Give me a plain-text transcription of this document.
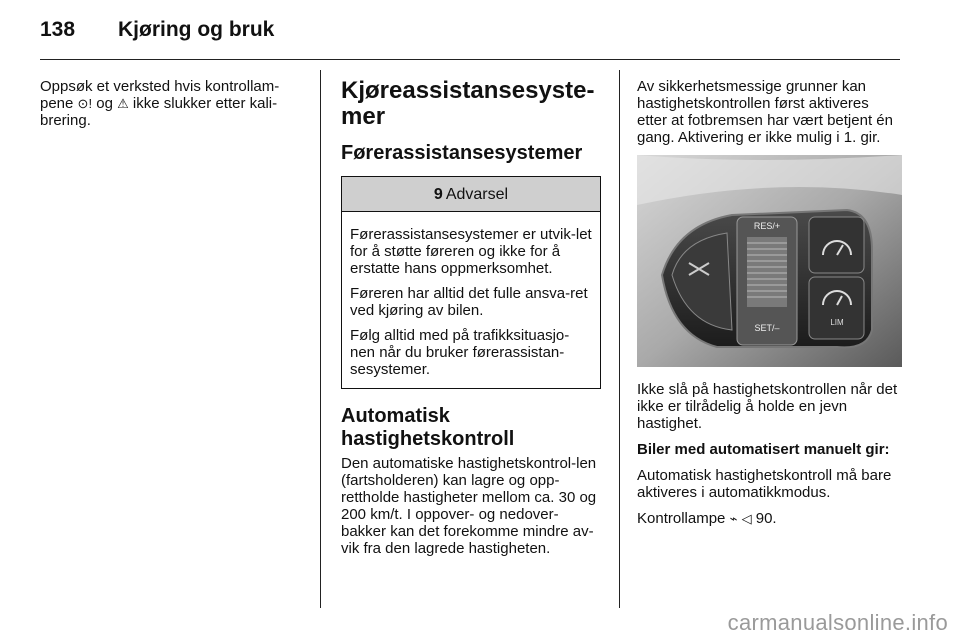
138 Kjøring og bruk

Oppsøk et verksted hvis kontrollam-
pene ⊙! og ⚠ ikke slukker etter kali-
brering.

Kjøreassistansesyste-
mer
Førerassistansesystemer
9 Advarsel

Førerassistansesystemer er utvik-let for å støtte føreren og ikke for å erstatte hans oppmerksomhet.

Føreren har alltid det fulle ansva-ret ved kjøring av bilen.

Følg alltid med på trafikksituasjo-nen når du bruker førerassistan-sesystemer.

Automatisk
hastighetskontroll

Den automatiske hastighetskontrol-len (fartsholderen) kan lagre og opp-rettholde hastigheter mellom ca. 30 og 200 km/t. I oppover- og nedover-bakker kan det forekomme mindre av-vik fra den lagrede hastigheten.

Av sikkerhetsmessige grunner kan hastighetskontrollen først aktiveres etter at fotbremsen har vært betjent én gang. Aktivering er ikke mulig i 1. gir.

RES/+
SET/–
LIM

Ikke slå på hastighetskontrollen når det ikke er tilrådelig å holde en jevn hastighet.

Biler med automatisert manuelt gir:

Automatisk hastighetskontroll må bare aktiveres i automatikkmodus.

Kontrollampe ⌁ ◁ 90.

carmanualsonline.info
